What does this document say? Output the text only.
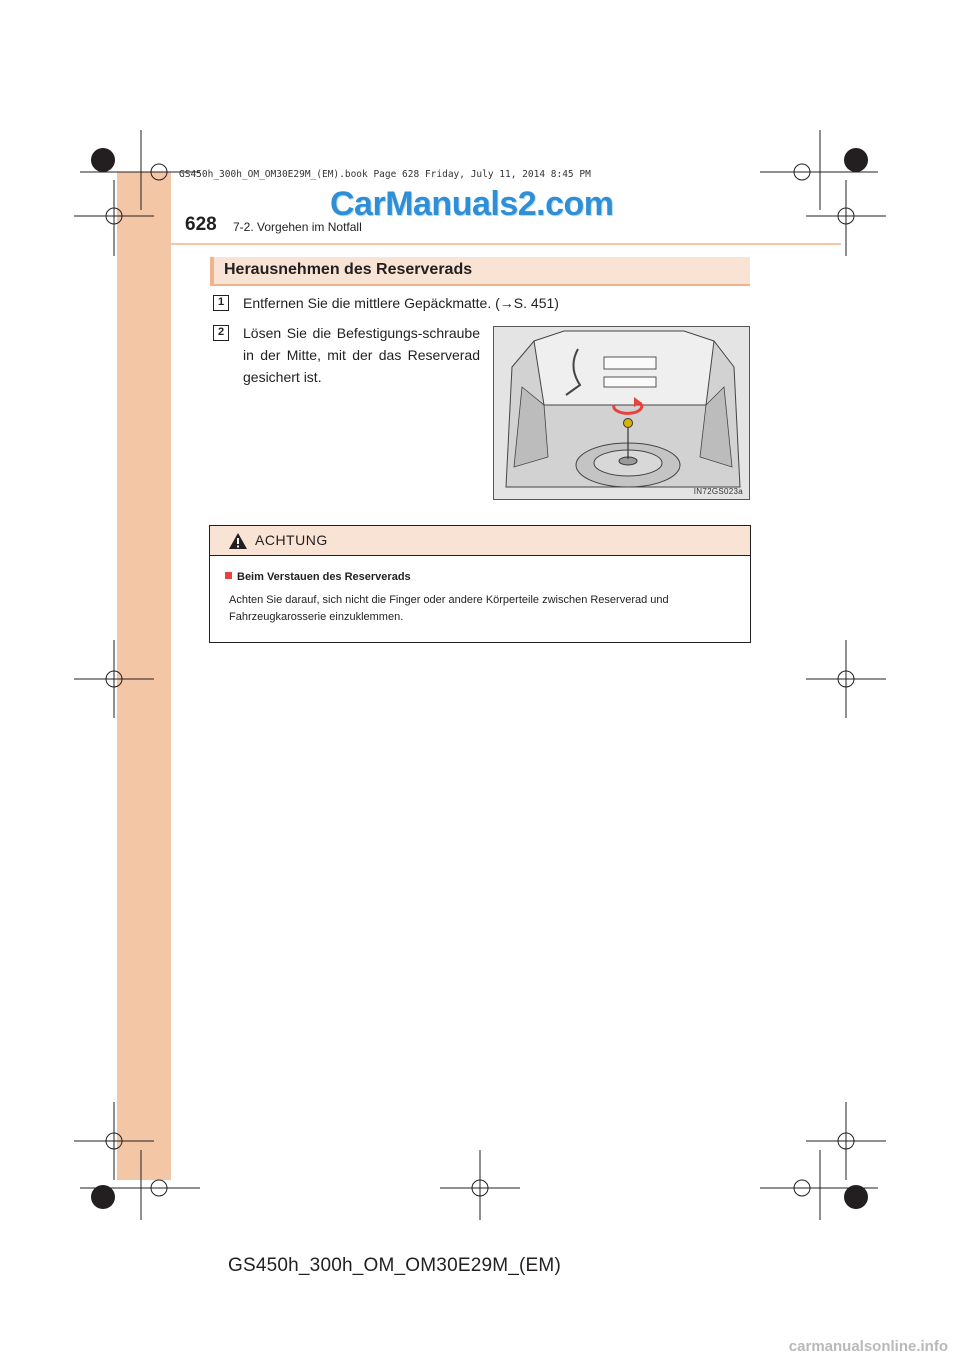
GS450h_300h_OM_OM30E29M_(EM).book Page 628 Friday, July 11, 2014 8:45 PM
CarManuals2.com
628 7-2. Vorgehen im Notfall
Herausnehmen des Reserverads
1	Entfernen Sie die mittlere Gepäckmatte. (→S. 451)
2	Lösen Sie die Befestigungs-schraube in der Mitte, mit der das Reserverad gesichert ist.
IN72GS023a
ACHTUNG
Beim Verstauen des Reserverads
Achten Sie darauf, sich nicht die Finger oder andere Körperteile zwischen Reserverad und Fahrzeugkarosserie einzuklemmen.
GS450h_300h_OM_OM30E29M_(EM)
carmanualsonline.info
